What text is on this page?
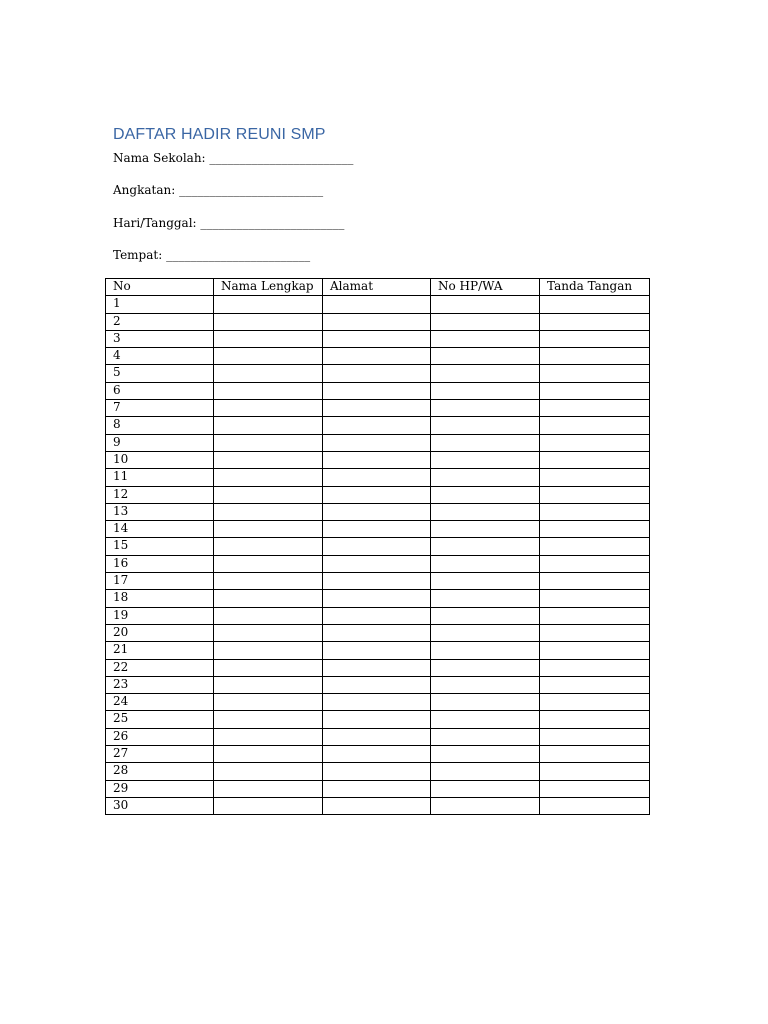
DAFTAR HADIR REUNI SMP
Nama Sekolah: ________________________
Angkatan: ________________________
Hari/Tanggal: ________________________
Tempat: ________________________
No	Nama Lengkap	Alamat	No HP/WA	Tanda Tangan
1				
2				
3				
4				
5				
6				
7				
8				
9				
10				
11				
12				
13				
14				
15				
16				
17				
18				
19				
20				
21				
22				
23				
24				
25				
26				
27				
28				
29				
30				
